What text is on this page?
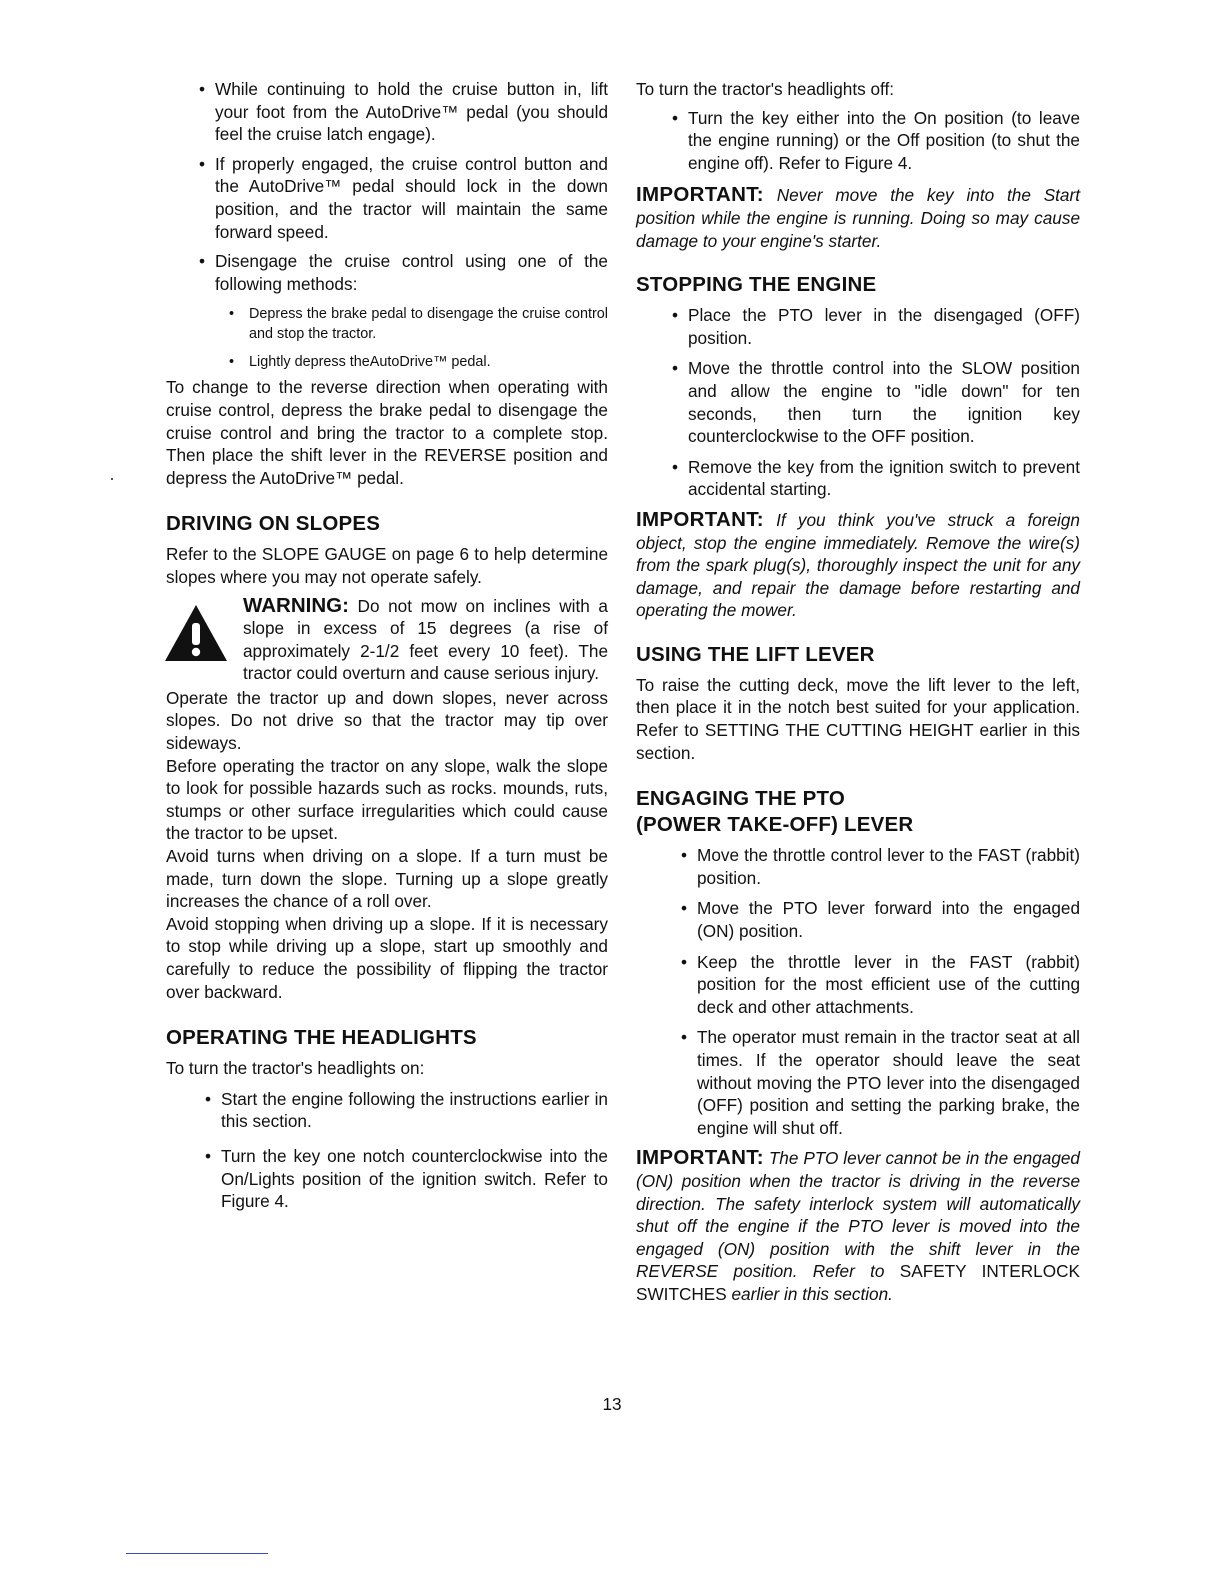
• While continuing to hold the cruise button in, lift your foot from the AutoDrive™ pedal (you should feel the cruise latch engage).
• If properly engaged, the cruise control button and the AutoDrive™ pedal should lock in the down position, and the tractor will maintain the same forward speed.
• Disengage the cruise control using one of the following methods:
• Depress the brake pedal to disengage the cruise control and stop the tractor.
• Lightly depress theAutoDrive™ pedal.

To change to the reverse direction when operating with cruise control, depress the brake pedal to disengage the cruise control and bring the tractor to a complete stop. Then place the shift lever in the REVERSE position and depress the AutoDrive™ pedal.

DRIVING ON SLOPES

Refer to the SLOPE GAUGE on page 6 to help determine slopes where you may not operate safely.

WARNING: Do not mow on inclines with a slope in excess of 15 degrees (a rise of approximately 2-1/2 feet every 10 feet). The tractor could overturn and cause serious injury.

Operate the tractor up and down slopes, never across slopes. Do not drive so that the tractor may tip over sideways.

Before operating the tractor on any slope, walk the slope to look for possible hazards such as rocks. mounds, ruts, stumps or other surface irregularities which could cause the tractor to be upset.

Avoid turns when driving on a slope. If a turn must be made, turn down the slope. Turning up a slope greatly increases the chance of a roll over.

Avoid stopping when driving up a slope. If it is necessary to stop while driving up a slope, start up smoothly and carefully to reduce the possibility of flipping the tractor over backward.

OPERATING THE HEADLIGHTS

To turn the tractor's headlights on:

• Start the engine following the instructions earlier in this section.
• Turn the key one notch counterclockwise into the On/Lights position of the ignition switch. Refer to Figure 4.

To turn the tractor's headlights off:

• Turn the key either into the On position (to leave the engine running) or the Off position (to shut the engine off). Refer to Figure 4.

IMPORTANT: Never move the key into the Start position while the engine is running. Doing so may cause damage to your engine's starter.

STOPPING THE ENGINE
• Place the PTO lever in the disengaged (OFF) position.
• Move the throttle control into the SLOW position and allow the engine to "idle down" for ten seconds, then turn the ignition key counterclockwise to the OFF position.
• Remove the key from the ignition switch to prevent accidental starting.

IMPORTANT: If you think you've struck a foreign object, stop the engine immediately. Remove the wire(s) from the spark plug(s), thoroughly inspect the unit for any damage, and repair the damage before restarting and operating the mower.

USING THE LIFT LEVER

To raise the cutting deck, move the lift lever to the left, then place it in the notch best suited for your application. Refer to SETTING THE CUTTING HEIGHT earlier in this section.

ENGAGING THE PTO
(POWER TAKE-OFF) LEVER
• Move the throttle control lever to the FAST (rabbit) position.
• Move the PTO lever forward into the engaged (ON) position.
• Keep the throttle lever in the FAST (rabbit) position for the most efficient use of the cutting deck and other attachments.
• The operator must remain in the tractor seat at all times. If the operator should leave the seat without moving the PTO lever into the disengaged (OFF) position and setting the parking brake, the engine will shut off.

IMPORTANT: The PTO lever cannot be in the engaged (ON) position when the tractor is driving in the reverse direction. The safety interlock system will automatically shut off the engine if the PTO lever is moved into the engaged (ON) position with the shift lever in the REVERSE position. Refer to SAFETY INTERLOCK SWITCHES earlier in this section.

13
